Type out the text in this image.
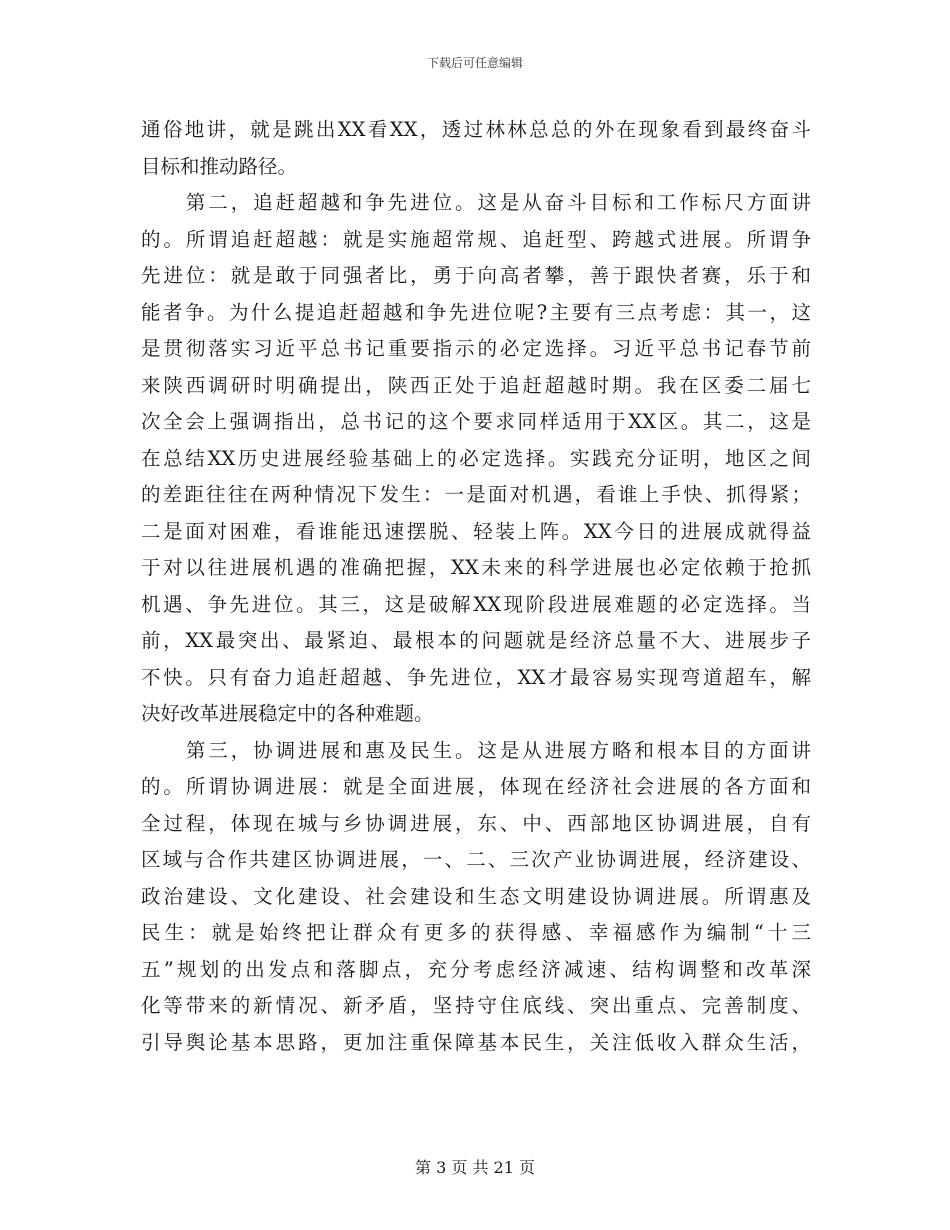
下载后可任意编辑
通俗地讲，就是跳出XX看XX，透过林林总总的外在现象看到最终奋斗
目标和推动路径。
　　第二，追赶超越和争先进位。这是从奋斗目标和工作标尺方面讲
的。所谓追赶超越：就是实施超常规、追赶型、跨越式进展。所谓争
先进位：就是敢于同强者比，勇于向高者攀，善于跟快者赛，乐于和
能者争。为什么提追赶超越和争先进位呢?主要有三点考虑：其一，这
是贯彻落实习近平总书记重要指示的必定选择。习近平总书记春节前
来陕西调研时明确提出，陕西正处于追赶超越时期。我在区委二届七
次全会上强调指出，总书记的这个要求同样适用于XX区。其二，这是
在总结XX历史进展经验基础上的必定选择。实践充分证明，地区之间
的差距往往在两种情况下发生：一是面对机遇，看谁上手快、抓得紧；
二是面对困难，看谁能迅速摆脱、轻装上阵。XX今日的进展成就得益
于对以往进展机遇的准确把握，XX未来的科学进展也必定依赖于抢抓
机遇、争先进位。其三，这是破解XX现阶段进展难题的必定选择。当
前，XX最突出、最紧迫、最根本的问题就是经济总量不大、进展步子
不快。只有奋力追赶超越、争先进位，XX才最容易实现弯道超车，解
决好改革进展稳定中的各种难题。
　　第三，协调进展和惠及民生。这是从进展方略和根本目的方面讲
的。所谓协调进展：就是全面进展，体现在经济社会进展的各方面和
全过程，体现在城与乡协调进展，东、中、西部地区协调进展，自有
区域与合作共建区协调进展，一、二、三次产业协调进展，经济建设、
政治建设、文化建设、社会建设和生态文明建设协调进展。所谓惠及
民生：就是始终把让群众有更多的获得感、幸福感作为编制“十三
五”规划的出发点和落脚点，充分考虑经济减速、结构调整和改革深
化等带来的新情况、新矛盾，坚持守住底线、突出重点、完善制度、
引导舆论基本思路，更加注重保障基本民生，关注低收入群众生活，
第 3 页 共 21 页
